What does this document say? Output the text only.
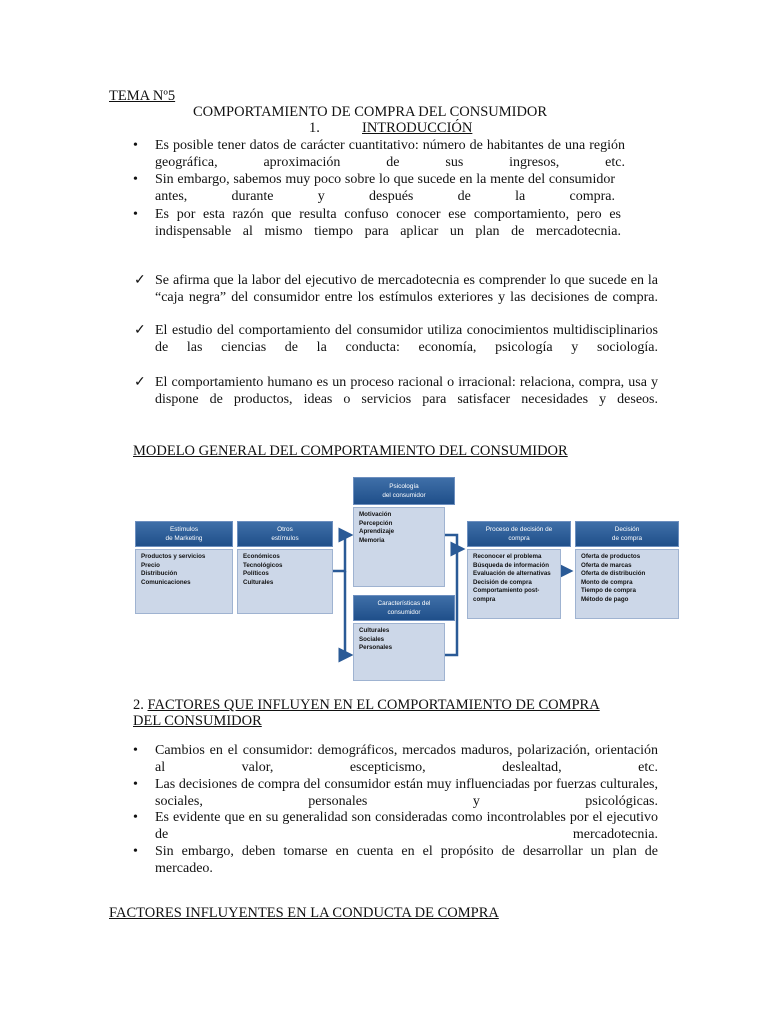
TEMA Nº5
COMPORTAMIENTO DE COMPRA DEL CONSUMIDOR
1.	INTRODUCCIÓN
• Es posible tener datos de carácter cuantitativo: número de habitantes de una región geográfica, aproximación de sus ingresos, etc.
• Sin embargo, sabemos muy poco sobre lo que sucede en la mente del consumidor antes, durante y después de la compra.
• Es por esta razón que resulta confuso conocer ese comportamiento, pero es indispensable al mismo tiempo para aplicar un plan de mercadotecnia.
✓ Se afirma que la labor del ejecutivo de mercadotecnia es comprender lo que sucede en la “caja negra” del consumidor entre los estímulos exteriores y las decisiones de compra.
✓ El estudio del comportamiento del consumidor utiliza conocimientos multidisciplinarios de las ciencias de la conducta: economía, psicología y sociología.
✓ El comportamiento humano es un proceso racional o irracional: relaciona, compra, usa y dispone de productos, ideas o servicios para satisfacer necesidades y deseos.
MODELO GENERAL DEL COMPORTAMIENTO DEL CONSUMIDOR
Estímulos
de Marketing
Productos y servicios
Precio
Distribución
Comunicaciones
Otros
estímulos
Económicos
Tecnológicos
Políticos
Culturales
Psicología
del consumidor
Motivación
Percepción
Aprendizaje
Memoria
Características del
consumidor
Culturales
Sociales
Personales
Proceso de decisión de
compra
Reconocer el problema
Búsqueda de información
Evaluación de alternativas
Decisión de compra
Comportamiento post-
compra
Decisión
de compra
Oferta de productos
Oferta de marcas
Oferta de distribución
Monto de compra
Tiempo de compra
Método de pago
2. FACTORES QUE INFLUYEN EN EL COMPORTAMIENTO DE COMPRA
DEL CONSUMIDOR
• Cambios en el consumidor: demográficos, mercados maduros, polarización, orientación al valor, escepticismo, deslealtad, etc.
• Las decisiones de compra del consumidor están muy influenciadas por fuerzas culturales, sociales, personales y psicológicas.
• Es evidente que en su generalidad son consideradas como incontrolables por el ejecutivo de mercadotecnia.
• Sin embargo, deben tomarse en cuenta en el propósito de desarrollar un plan de mercadeo.
FACTORES INFLUYENTES EN LA CONDUCTA DE COMPRA
